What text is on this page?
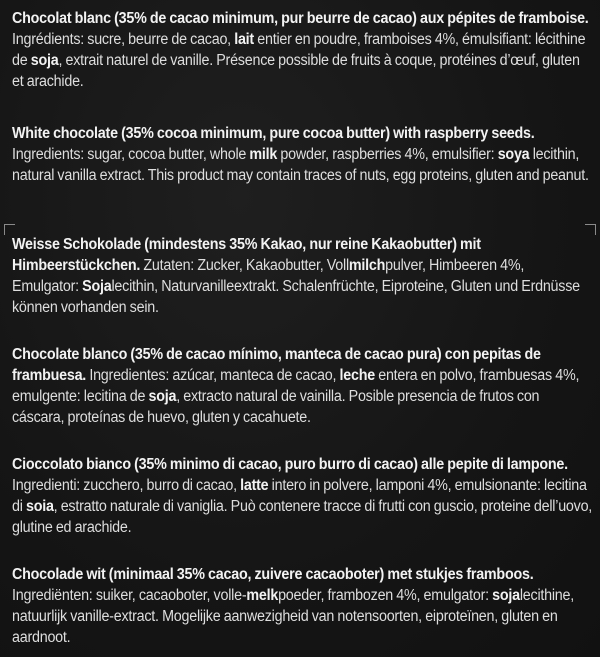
Chocolat blanc (35% de cacao minimum, pur beurre de cacao) aux pépites de framboise. Ingrédients: sucre, beurre de cacao, lait entier en poudre, framboises 4%, émulsifiant: lécithine de soja, extrait naturel de vanille. Présence possible de fruits à coque, protéines d’œuf, gluten et arachide.
White chocolate (35% cocoa minimum, pure cocoa butter) with raspberry seeds. Ingredients: sugar, cocoa butter, whole milk powder, raspberries 4%, emulsifier: soya lecithin, natural vanilla extract. This product may contain traces of nuts, egg proteins, gluten and peanut.
Weisse Schokolade (mindestens 35% Kakao, nur reine Kakaobutter) mit Himbeerstückchen. Zutaten: Zucker, Kakaobutter, Vollmilchpulver, Himbeeren 4%, Emulgator: Sojalecithin, Naturvanilleextrakt. Schalenfrüchte, Eiproteine, Gluten und Erdnüsse können vorhanden sein.
Chocolate blanco (35% de cacao mínimo, manteca de cacao pura) con pepitas de frambuesa. Ingredientes: azúcar, manteca de cacao, leche entera en polvo, frambuesas 4%, emulgente: lecitina de soja, extracto natural de vainilla. Posible presencia de frutos con cáscara, proteínas de huevo, gluten y cacahuete.
Cioccolato bianco (35% minimo di cacao, puro burro di cacao) alle pepite di lampone. Ingredienti: zucchero, burro di cacao, latte intero in polvere, lamponi 4%, emulsionante: lecitina di soia, estratto naturale di vaniglia. Può contenere tracce di frutti con guscio, proteine dell’uovo, glutine ed arachide.
Chocolade wit (minimaal 35% cacao, zuivere cacaoboter) met stukjes framboos. Ingrediënten: suiker, cacaoboter, volle-melkpoeder, frambozen 4%, emulgator: sojalecithine, natuurlijk vanille-extract. Mogelijke aanwezigheid van notensoorten, eiproteïnen, gluten en aardnoot.
